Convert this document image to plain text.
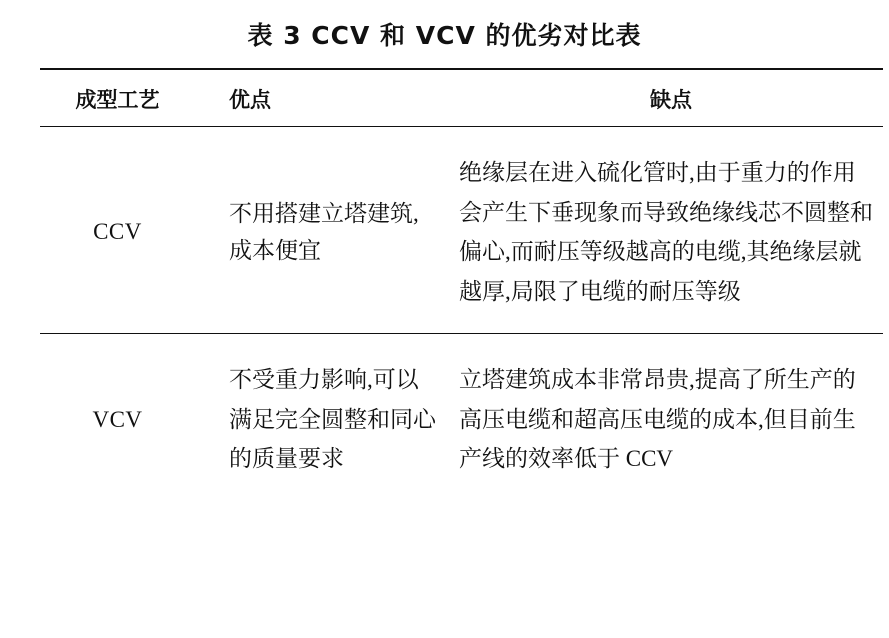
表 3 CCV 和 VCV 的优劣对比表
成型工艺	优点	缺点
CCV	不用搭建立塔建筑,成本便宜	绝缘层在进入硫化管时,由于重力的作用会产生下垂现象而导致绝缘线芯不圆整和偏心,而耐压等级越高的电缆,其绝缘层就越厚,局限了电缆的耐压等级

VCV	不受重力影响,可以满足完全圆整和同心的质量要求	立塔建筑成本非常昂贵,提高了所生产的高压电缆和超高压电缆的成本,但目前生产线的效率低于 CCV
